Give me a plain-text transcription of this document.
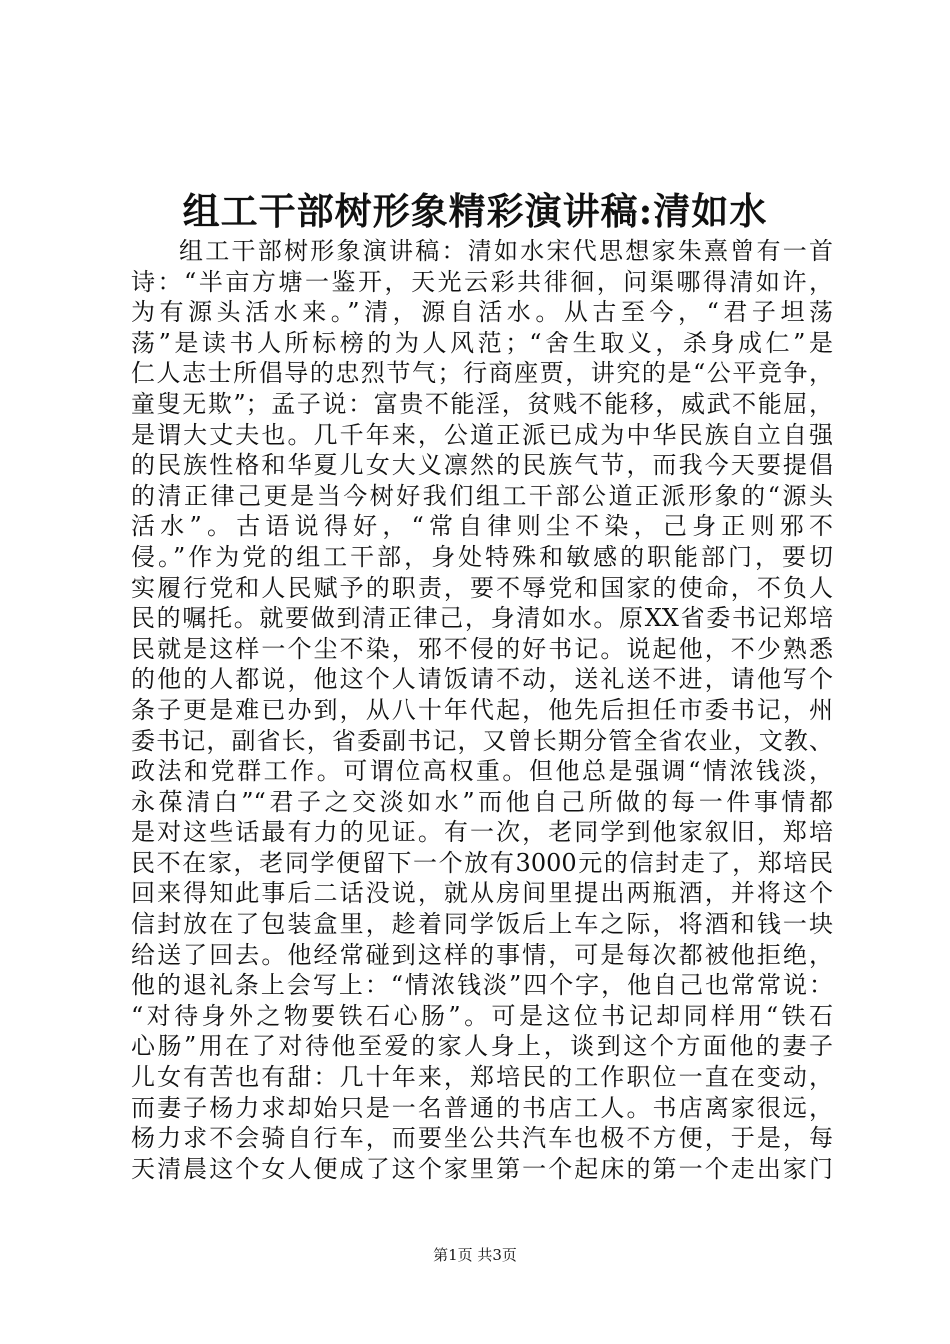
组工干部树形象精彩演讲稿:清如水
组工干部树形象演讲稿：清如水宋代思想家朱熹曾有一首
诗：“半亩方塘一鉴开，天光云彩共徘徊，问渠哪得清如许，
为有源头活水来。”清，源自活水。从古至今，“君子坦荡
荡”是读书人所标榜的为人风范；“舍生取义，杀身成仁”是
仁人志士所倡导的忠烈节气；行商座贾，讲究的是“公平竞争，
童叟无欺”；孟子说：富贵不能淫，贫贱不能移，威武不能屈，
是谓大丈夫也。几千年来，公道正派已成为中华民族自立自强
的民族性格和华夏儿女大义凛然的民族气节，而我今天要提倡
的清正律己更是当今树好我们组工干部公道正派形象的“源头
活水”。古语说得好，“常自律则尘不染，己身正则邪不
侵。”作为党的组工干部，身处特殊和敏感的职能部门，要切
实履行党和人民赋予的职责，要不辱党和国家的使命，不负人
民的嘱托。就要做到清正律己，身清如水。原XX省委书记郑培
民就是这样一个尘不染，邪不侵的好书记。说起他，不少熟悉
的他的人都说，他这个人请饭请不动，送礼送不进，请他写个
条子更是难已办到，从八十年代起，他先后担任市委书记，州
委书记，副省长，省委副书记，又曾长期分管全省农业，文教、
政法和党群工作。可谓位高权重。但他总是强调“情浓钱淡，
永葆清白”“君子之交淡如水”而他自己所做的每一件事情都
是对这些话最有力的见证。有一次，老同学到他家叙旧，郑培
民不在家，老同学便留下一个放有3000元的信封走了，郑培民
回来得知此事后二话没说，就从房间里提出两瓶酒，并将这个
信封放在了包装盒里，趁着同学饭后上车之际，将酒和钱一块
给送了回去。他经常碰到这样的事情，可是每次都被他拒绝，
他的退礼条上会写上：“情浓钱淡”四个字，他自己也常常说：
“对待身外之物要铁石心肠”。可是这位书记却同样用“铁石
心肠”用在了对待他至爱的家人身上，谈到这个方面他的妻子
儿女有苦也有甜：几十年来，郑培民的工作职位一直在变动，
而妻子杨力求却始只是一名普通的书店工人。书店离家很远，
杨力求不会骑自行车，而要坐公共汽车也极不方便，于是，每
天清晨这个女人便成了这个家里第一个起床的第一个走出家门
第1页 共3页
